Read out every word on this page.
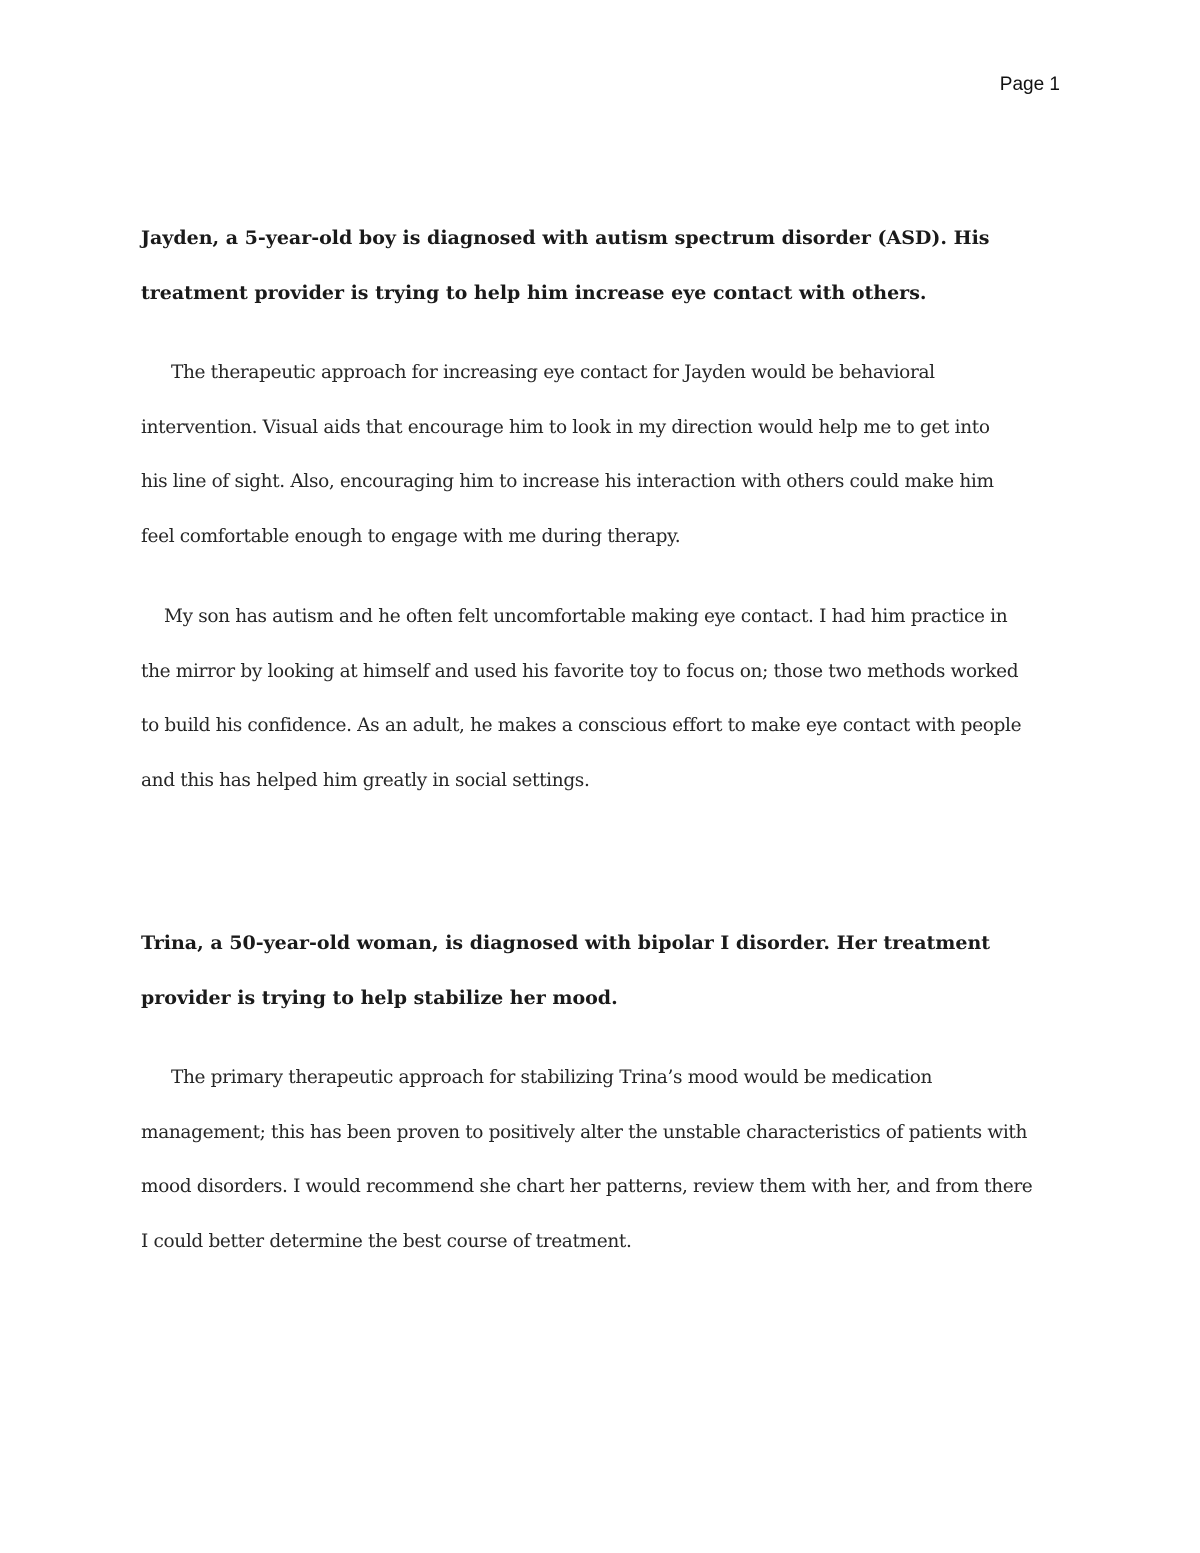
Page 1
Jayden, a 5-year-old boy is diagnosed with autism spectrum disorder (ASD). His
treatment provider is trying to help him increase eye contact with others.

The therapeutic approach for increasing eye contact for Jayden would be behavioral
intervention. Visual aids that encourage him to look in my direction would help me to get into
his line of sight. Also, encouraging him to increase his interaction with others could make him
feel comfortable enough to engage with me during therapy.

My son has autism and he often felt uncomfortable making eye contact. I had him practice in
the mirror by looking at himself and used his favorite toy to focus on; those two methods worked
to build his confidence. As an adult, he makes a conscious effort to make eye contact with people
and this has helped him greatly in social settings.

Trina, a 50-year-old woman, is diagnosed with bipolar I disorder. Her treatment
provider is trying to help stabilize her mood.

The primary therapeutic approach for stabilizing Trina’s mood would be medication
management; this has been proven to positively alter the unstable characteristics of patients with
mood disorders. I would recommend she chart her patterns, review them with her, and from there
I could better determine the best course of treatment.
